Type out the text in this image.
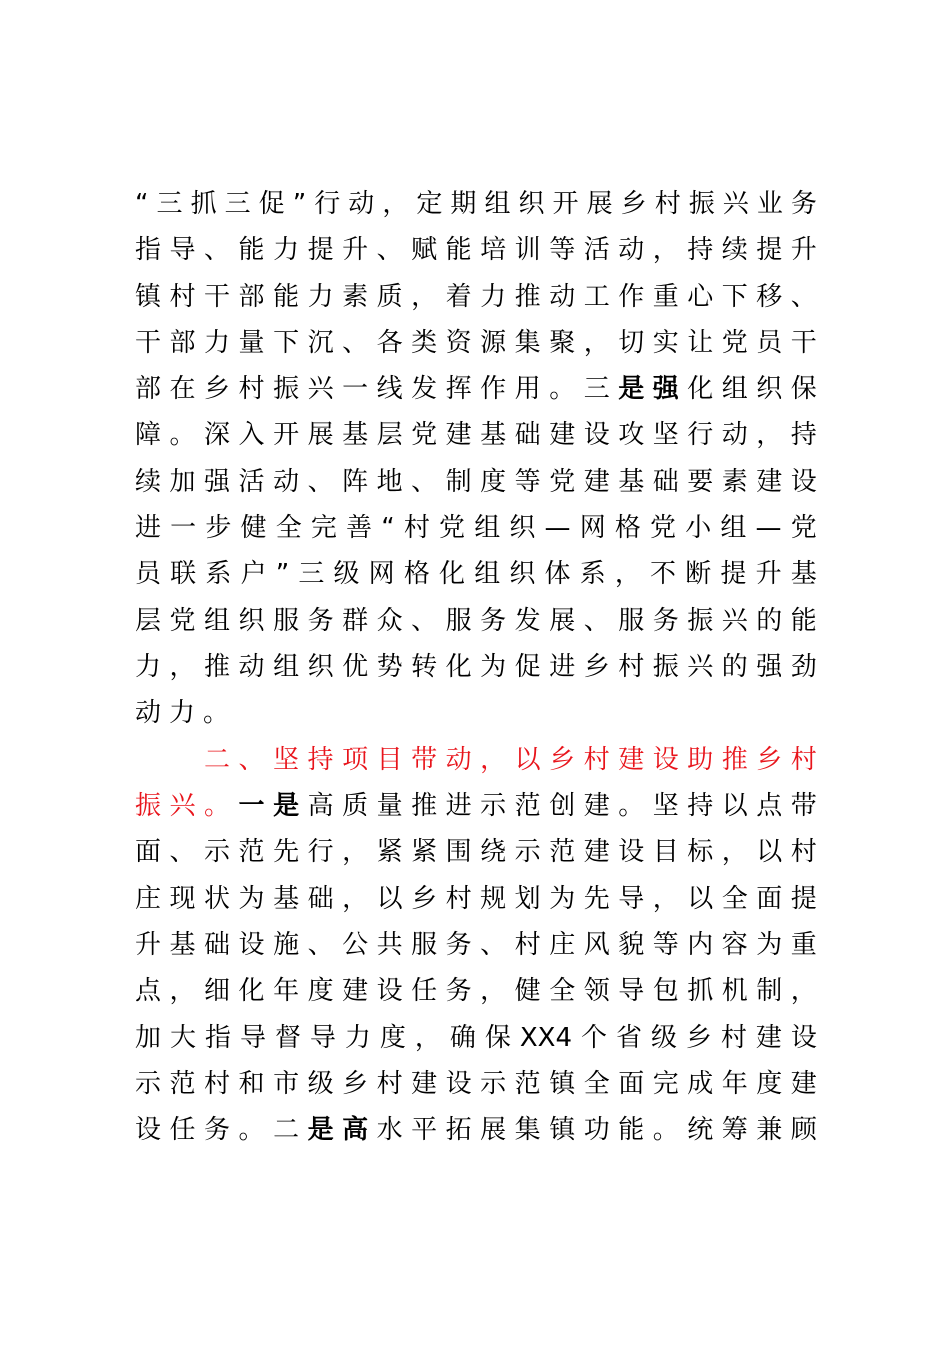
“ 三 抓 三 促 ” 行 动 ， 定 期 组 织 开 展 乡 村 振 兴 业 务
指 导 、 能 力 提 升 、 赋 能 培 训 等 活 动 ， 持 续 提 升
镇 村 干 部 能 力 素 质 ， 着 力 推 动 工 作 重 心 下 移 、
干 部 力 量 下 沉 、 各 类 资 源 集 聚 ， 切 实 让 党 员 干
部 在 乡 村 振 兴 一 线 发 挥 作 用 。 三 是 强 化 组 织 保
障 。 深 入 开 展 基 层 党 建 基 础 建 设 攻 坚 行 动 ， 持
续 加 强 活 动 、 阵 地 、 制 度 等 党 建 基 础 要 素 建 设
进 一 步 健 全 完 善 “ 村 党 组 织 — 网 格 党 小 组 — 党
员 联 系 户 ” 三 级 网 格 化 组 织 体 系 ， 不 断 提 升 基
层 党 组 织 服 务 群 众 、 服 务 发 展 、 服 务 振 兴 的 能
力 ， 推 动 组 织 优 势 转 化 为 促 进 乡 村 振 兴 的 强 劲
动 力 。
二 、 坚 持 项 目 带 动 ， 以 乡 村 建 设 助 推 乡 村
振 兴 。 一 是 高 质 量 推 进 示 范 创 建 。 坚 持 以 点 带
面 、 示 范 先 行 ， 紧 紧 围 绕 示 范 建 设 目 标 ， 以 村
庄 现 状 为 基 础 ， 以 乡 村 规 划 为 先 导 ， 以 全 面 提
升 基 础 设 施 、 公 共 服 务 、 村 庄 风 貌 等 内 容 为 重
点 ， 细 化 年 度 建 设 任 务 ， 健 全 领 导 包 抓 机 制 ，
加 大 指 导 督 导 力 度 ， 确 保 XX4 个 省 级 乡 村 建 设
示 范 村 和 市 级 乡 村 建 设 示 范 镇 全 面 完 成 年 度 建
设 任 务 。 二 是 高 水 平 拓 展 集 镇 功 能 。 统 筹 兼 顾
